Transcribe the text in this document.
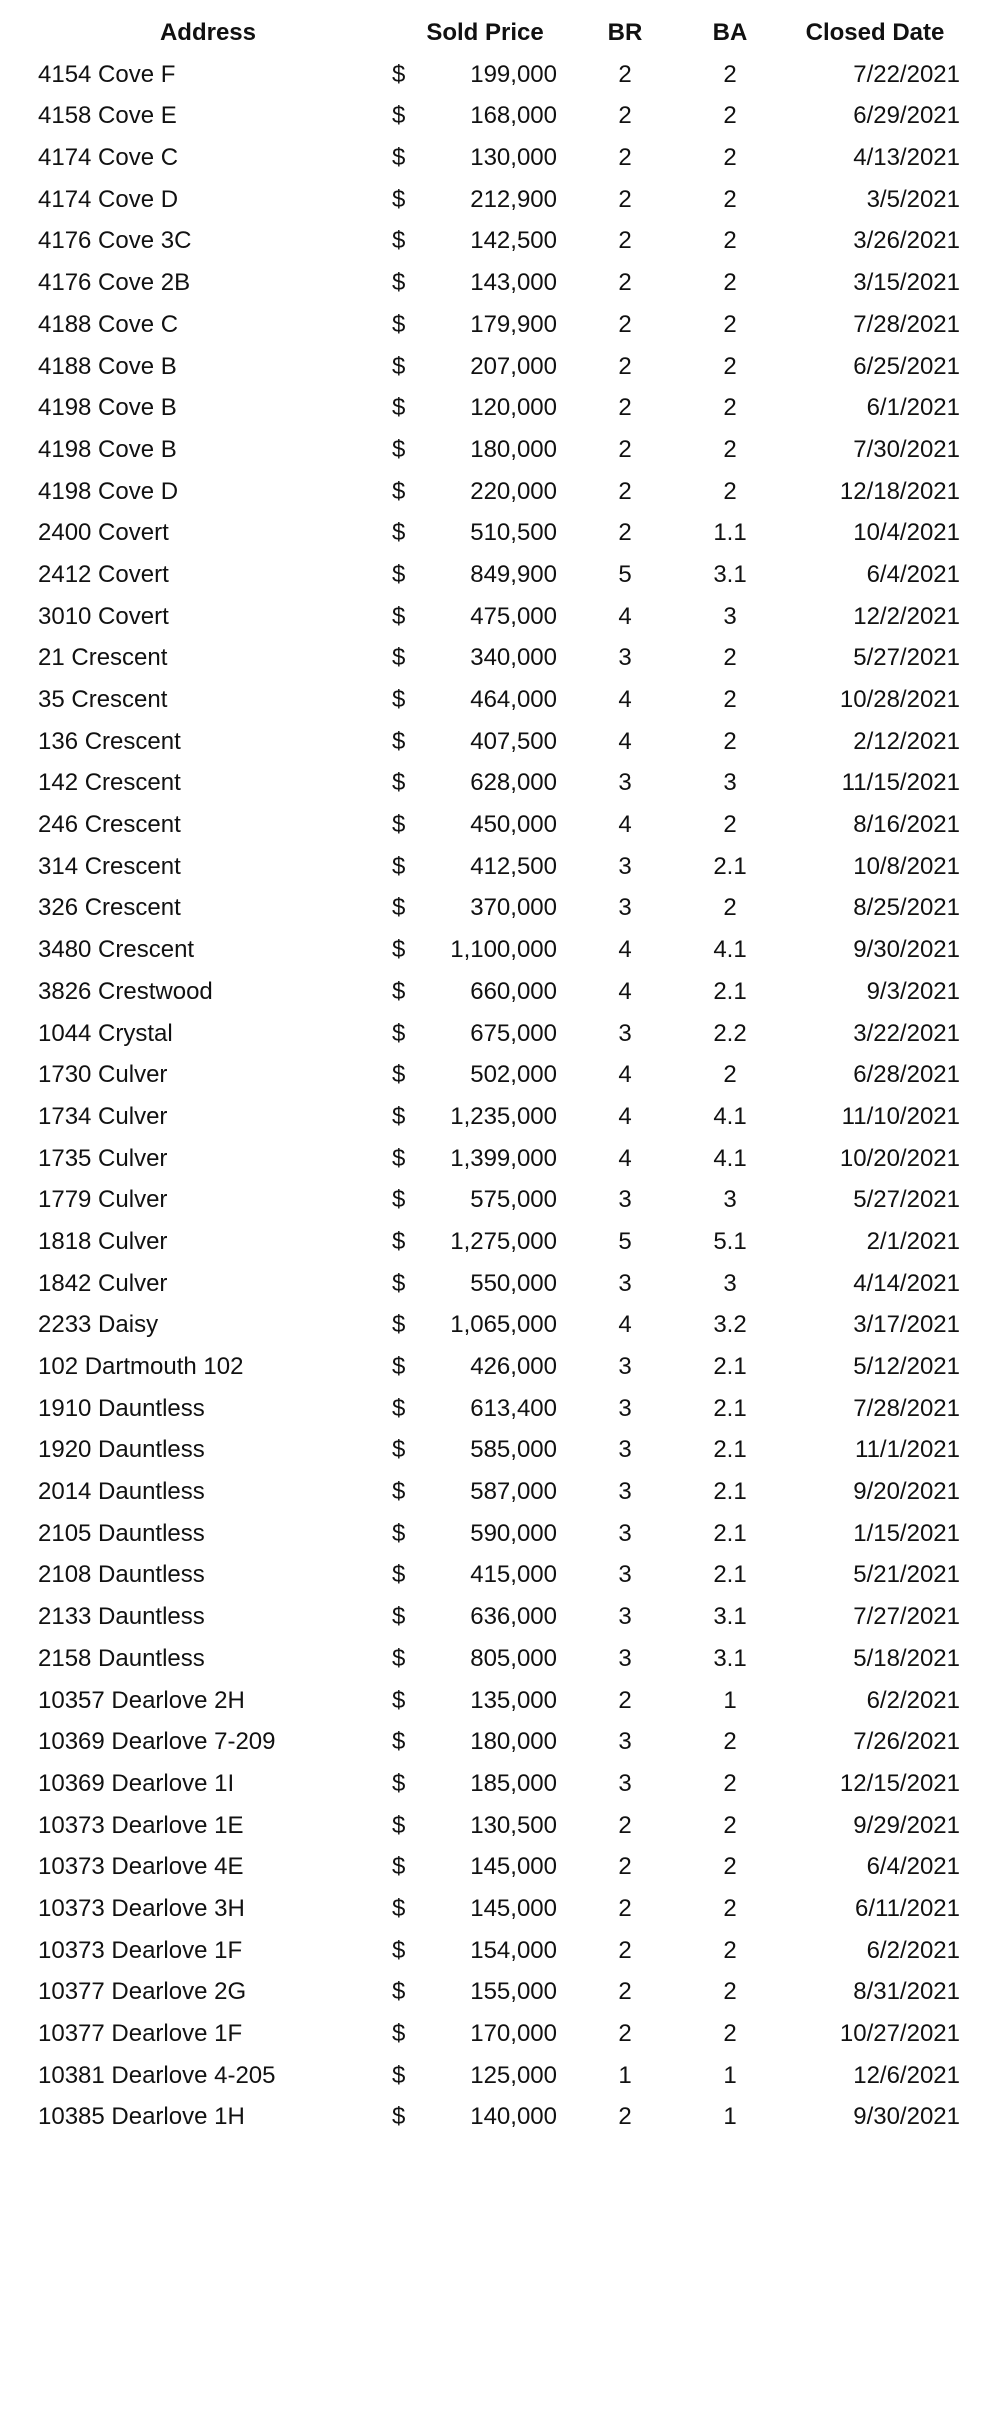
Address	Sold Price	BR	BA	Closed Date
4154 Cove F	$	199,000	2	2	7/22/2021
4158 Cove E	$	168,000	2	2	6/29/2021
4174 Cove C	$	130,000	2	2	4/13/2021
4174 Cove D	$	212,900	2	2	3/5/2021
4176 Cove 3C	$	142,500	2	2	3/26/2021
4176 Cove 2B	$	143,000	2	2	3/15/2021
4188 Cove C	$	179,900	2	2	7/28/2021
4188 Cove B	$	207,000	2	2	6/25/2021
4198 Cove B	$	120,000	2	2	6/1/2021
4198 Cove B	$	180,000	2	2	7/30/2021
4198 Cove D	$	220,000	2	2	12/18/2021
2400 Covert	$	510,500	2	1.1	10/4/2021
2412 Covert	$	849,900	5	3.1	6/4/2021
3010 Covert	$	475,000	4	3	12/2/2021
21 Crescent	$	340,000	3	2	5/27/2021
35 Crescent	$	464,000	4	2	10/28/2021
136 Crescent	$	407,500	4	2	2/12/2021
142 Crescent	$	628,000	3	3	11/15/2021
246 Crescent	$	450,000	4	2	8/16/2021
314 Crescent	$	412,500	3	2.1	10/8/2021
326 Crescent	$	370,000	3	2	8/25/2021
3480 Crescent	$	1,100,000	4	4.1	9/30/2021
3826 Crestwood	$	660,000	4	2.1	9/3/2021
1044 Crystal	$	675,000	3	2.2	3/22/2021
1730 Culver	$	502,000	4	2	6/28/2021
1734 Culver	$	1,235,000	4	4.1	11/10/2021
1735 Culver	$	1,399,000	4	4.1	10/20/2021
1779 Culver	$	575,000	3	3	5/27/2021
1818 Culver	$	1,275,000	5	5.1	2/1/2021
1842 Culver	$	550,000	3	3	4/14/2021
2233 Daisy	$	1,065,000	4	3.2	3/17/2021
102 Dartmouth 102	$	426,000	3	2.1	5/12/2021
1910 Dauntless	$	613,400	3	2.1	7/28/2021
1920 Dauntless	$	585,000	3	2.1	11/1/2021
2014 Dauntless	$	587,000	3	2.1	9/20/2021
2105 Dauntless	$	590,000	3	2.1	1/15/2021
2108 Dauntless	$	415,000	3	2.1	5/21/2021
2133 Dauntless	$	636,000	3	3.1	7/27/2021
2158 Dauntless	$	805,000	3	3.1	5/18/2021
10357 Dearlove 2H	$	135,000	2	1	6/2/2021
10369 Dearlove 7-209	$	180,000	3	2	7/26/2021
10369 Dearlove 1I	$	185,000	3	2	12/15/2021
10373 Dearlove 1E	$	130,500	2	2	9/29/2021
10373 Dearlove 4E	$	145,000	2	2	6/4/2021
10373 Dearlove 3H	$	145,000	2	2	6/11/2021
10373 Dearlove 1F	$	154,000	2	2	6/2/2021
10377 Dearlove 2G	$	155,000	2	2	8/31/2021
10377 Dearlove 1F	$	170,000	2	2	10/27/2021
10381 Dearlove 4-205	$	125,000	1	1	12/6/2021
10385 Dearlove 1H	$	140,000	2	1	9/30/2021
